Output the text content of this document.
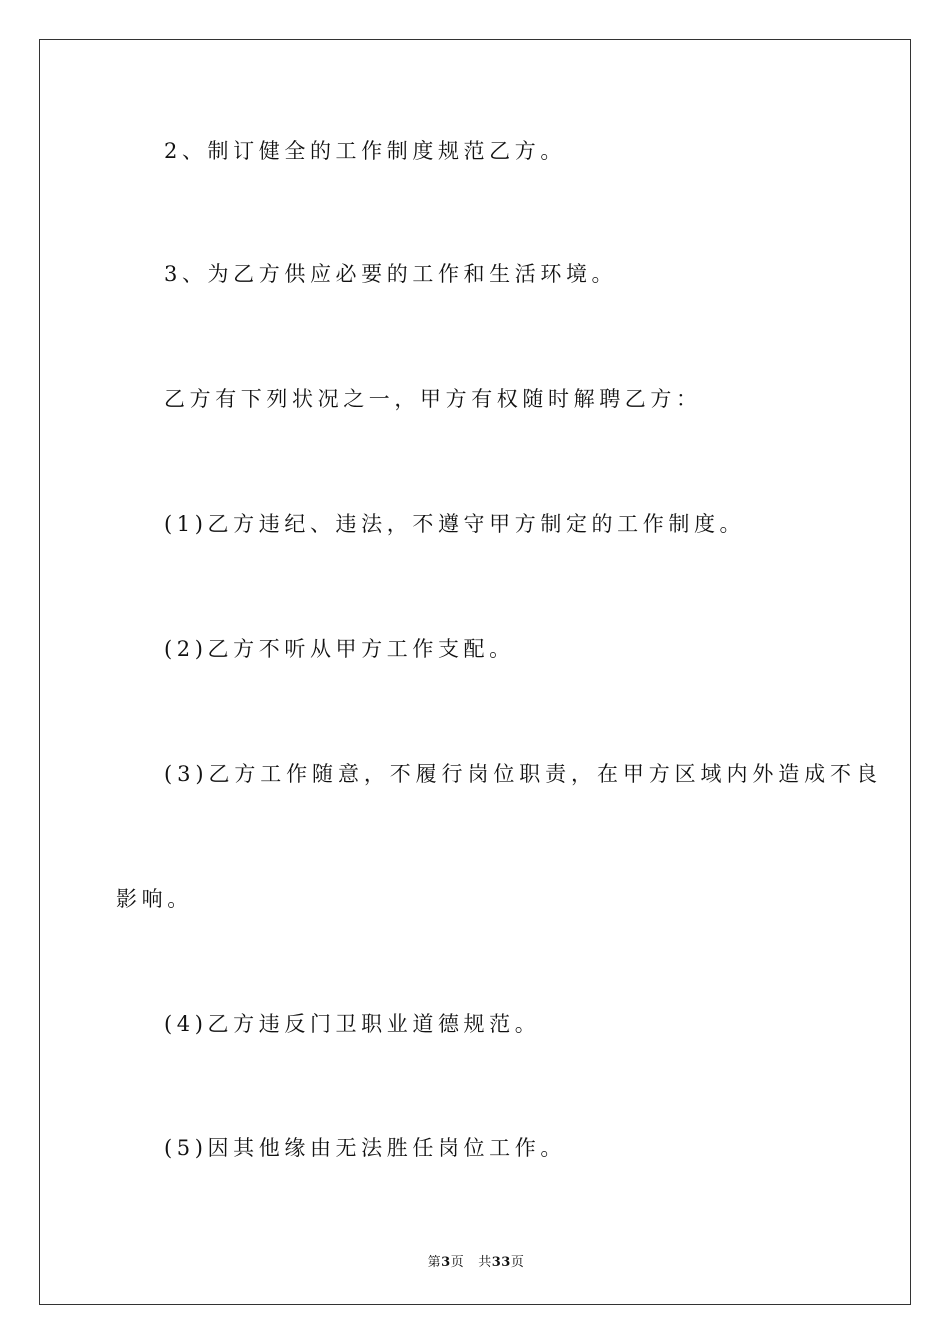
2、制订健全的工作制度规范乙方。
3、为乙方供应必要的工作和生活环境。
乙方有下列状况之一，甲方有权随时解聘乙方：
(1)乙方违纪、违法，不遵守甲方制定的工作制度。
(2)乙方不听从甲方工作支配。
(3)乙方工作随意，不履行岗位职责，在甲方区域内外造成不良
影响。
(4)乙方违反门卫职业道德规范。
(5)因其他缘由无法胜任岗位工作。
第3页 共33页
